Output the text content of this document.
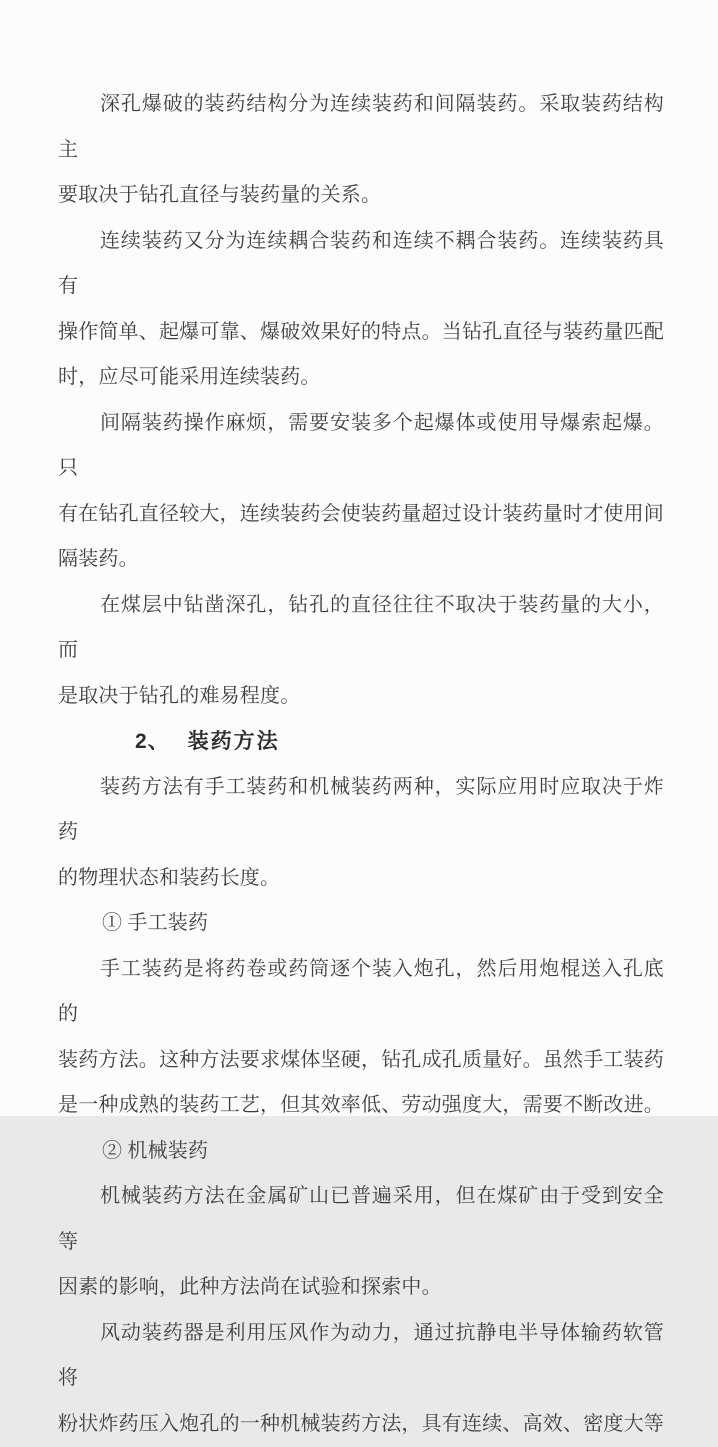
深孔爆破的装药结构分为连续装药和间隔装药。采取装药结构主
要取决于钻孔直径与装药量的关系。
连续装药又分为连续耦合装药和连续不耦合装药。连续装药具有
操作简单、起爆可靠、爆破效果好的特点。当钻孔直径与装药量匹配
时，应尽可能采用连续装药。
间隔装药操作麻烦，需要安装多个起爆体或使用导爆索起爆。只
有在钻孔直径较大，连续装药会使装药量超过设计装药量时才使用间
隔装药。
在煤层中钻凿深孔，钻孔的直径往往不取决于装药量的大小，而
是取决于钻孔的难易程度。
2、 装药方法
装药方法有手工装药和机械装药两种，实际应用时应取决于炸药
的物理状态和装药长度。
① 手工装药
手工装药是将药卷或药筒逐个装入炮孔，然后用炮棍送入孔底的
装药方法。这种方法要求煤体坚硬，钻孔成孔质量好。虽然手工装药
是一种成熟的装药工艺，但其效率低、劳动强度大，需要不断改进。
② 机械装药
机械装药方法在金属矿山已普遍采用，但在煤矿由于受到安全等
因素的影响，此种方法尚在试验和探索中。
风动装药器是利用压风作为动力，通过抗静电半导体输药软管将
粉状炸药压入炮孔的一种机械装药方法，具有连续、高效、密度大等
